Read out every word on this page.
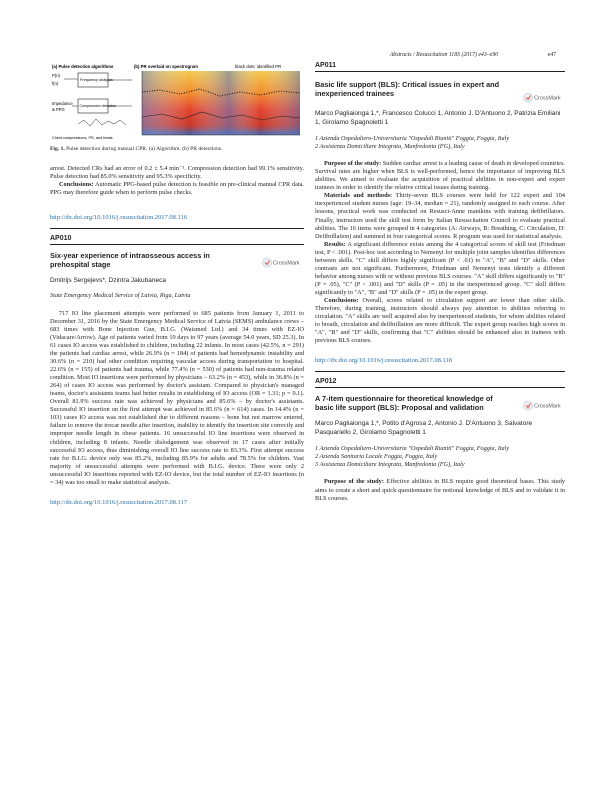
Abstracts / Resuscitation 118S (2017) e43–e90	e47
(a) Pulse detection algorithms	(b) PR overlaid on spectrogram	black dots: identified PR
P(n)
f(n)
Impedance
& PPG
Frequency analysis
Compression detection
Chest compressions, PR, and beats

Fig. 1. Pulse detection during manual CPR. (a) Algorithm. (b) PR detections.

arrest. Detected CRs had an error of 0.2 ± 5.4 min⁻¹. Compression detection had 99.1% sensitivity. Pulse detection had 85.0% sensitivity and 95.3% specificity.

Conclusions: Automatic PPG-based pulse detection is feasible on pre-clinical manual CPR data. PPG may therefore guide when to perform pulse checks.

http://dx.doi.org/10.1016/j.resuscitation.2017.08.116
AP010
Six-year experience of intraosseous access in prehospital stage	CrossMark
Dmitrijs Sergejevs*, Dzintra Jakubaneca
State Emergency Medical Service of Latvia, Riga, Latvia

717 IO line placement attempts were performed to 685 patients from January 1, 2011 to December 31, 2016 by the State Emergency Medical Service of Latvia (SEMS) ambulance crews – 683 times with Bone Injection Gun, B.I.G. (Waismed Ltd.) and 34 times with EZ-IO (Vidacare/Arrow). Age of patients varied from 19 days to 97 years (average 54.0 years, SD 25.3). In 61 cases IO access was established to children, including 22 infants. In most cases (42.5%, n = 291) the patients had cardiac arrest, while 26.9% (n = 184) of patients had hemodynamic instability and 30.6% (n = 210) had other condition requiring vascular access during transportation to hospital. 22.6% (n = 155) of patients had trauma, while 77.4% (n = 530) of patients had non-trauma related condition. Most IO insertions were performed by physicians – 63.2% (n = 453), while in 36.8% (n = 264) of cases IO access was performed by doctor's assistant. Compared to physician's managed teams, doctor's assistants teams had better results in establishing of IO access (OR = 1.31; p = 0.1). Overall 81.9% success rate was achieved by physicians and 85.6% – by doctor's assistants. Successful IO insertion on the first attempt was achieved in 85.6% (n = 614) cases. In 14.4% (n = 103) cases IO access was not established due to different reasons – bone but not marrow entered, failure to remove the trocar needle after insertion, inability to identify the insertion site correctly and improper needle length in obese patients. 16 unsuccessful IO line insertions were observed in children, including 8 infants. Needle dislodgement was observed in 17 cases after initially successful IO access, thus diminishing overall IO line success rate to 83.3%. First attempt success rate for B.I.G. device only was 85.2%, including 85.9% for adults and 78.5% for children. Vast majority of unsuccessful attempts were performed with B.I.G. device. There were only 2 unsuccessful IO insertions reported with EZ-IO device, but the total number of EZ-IO insertions (n = 34) was too small to make statistical analysis.

http://dx.doi.org/10.1016/j.resuscitation.2017.08.117
AP011
Basic life support (BLS): Critical issues in expert and inexperienced trainees
CrossMark
Marco Pagliaionga 1,*, Francesco Colucci 1, Antonio J. D'Antuono 2, Patrizia Emiliani 1, Girolamo Spagnoletti 1
1 Azienda Ospedaliero-Universitaria "Ospedali Riuniti" Foggia, Foggia, Italy
2 Assistenza Domiciliare Integrata, Manfredonia (FG), Italy

Purpose of the study: Sudden cardiac arrest is a leading cause of death in developed countries. Survival rates are higher when BLS is well-performed, hence the importance of improving BLS abilities. We aimed to evaluate the acquisition of practical abilities in non-expert and expert trainees in order to identify the relative critical issues during training.

Materials and methods: Thirty-seven BLS courses were held for 122 expert and 104 inexperienced student nurses (age: 19–34, median = 21), randomly assigned to each course. After lessons, practical work was conducted on Resusci-Anne manikins with training defibrillators. Finally, instructors used the skill test form by Italian Resuscitation Council to evaluate practical abilities. The 16 items were grouped in 4 categories (A: Airways, B: Breathing, C: Circulation, D: Defibrillation) and summed in four categorical scores. R program was used for statistical analysis.

Results: A significant difference exists among the 4 categorical scores of skill test (Friedman test, P < .001). Post-hoc test according to Nemenyi for multiple joint samples identifies differences between skills. "C" skill differs highly significant (P < .01) to "A", "B" and "D" skills. Other contrasts are not significant. Furthermore, Friedman and Nemenyi tests identify a different behavior among nurses with or without previous BLS courses. "A" skill differs significantly to "B" (P = .05), "C" (P < .001) and "D" skills (P = .05) in the inexperienced group. "C" skill differs significantly to "A", "B" and "D" skills (P = .05) in the expert group.

Conclusions: Overall, scores related to circulation support are lower than other skills. Therefore, during training, instructors should always pay attention to abilities referring to circulation. "A" skills are well acquired also by inexperienced students, for whom abilities related to breath, circulation and defibrillation are more difficult. The expert group reaches high scores in "A", "B" and "D" skills, confirming that "C" abilities should be enhanced also in trainees with previous BLS courses.

http://dx.doi.org/10.1016/j.resuscitation.2017.08.118
AP012
A 7-item questionnaire for theoretical knowledge of basic life support (BLS): Proposal and validation	CrossMark
Marco Pagliaionga 1,*, Potito d'Agrosa 2, Antonio J. D'Antuono 3, Salvatore Pasquariello 2, Girolamo Spagnoletti 1
1 Azienda Ospedaliero-Universitaria "Ospedali Riuniti" Foggia, Foggia, Italy
2 Azienda Sanitaria Locale Foggia, Foggia, Italy
3 Assistenza Domiciliare Integrata, Manfredonia (FG), Italy

Purpose of the study: Effective abilities in BLS require good theoretical bases. This study aims to create a short and quick questionnaire for notional knowledge of BLS and to validate it in BLS courses.
